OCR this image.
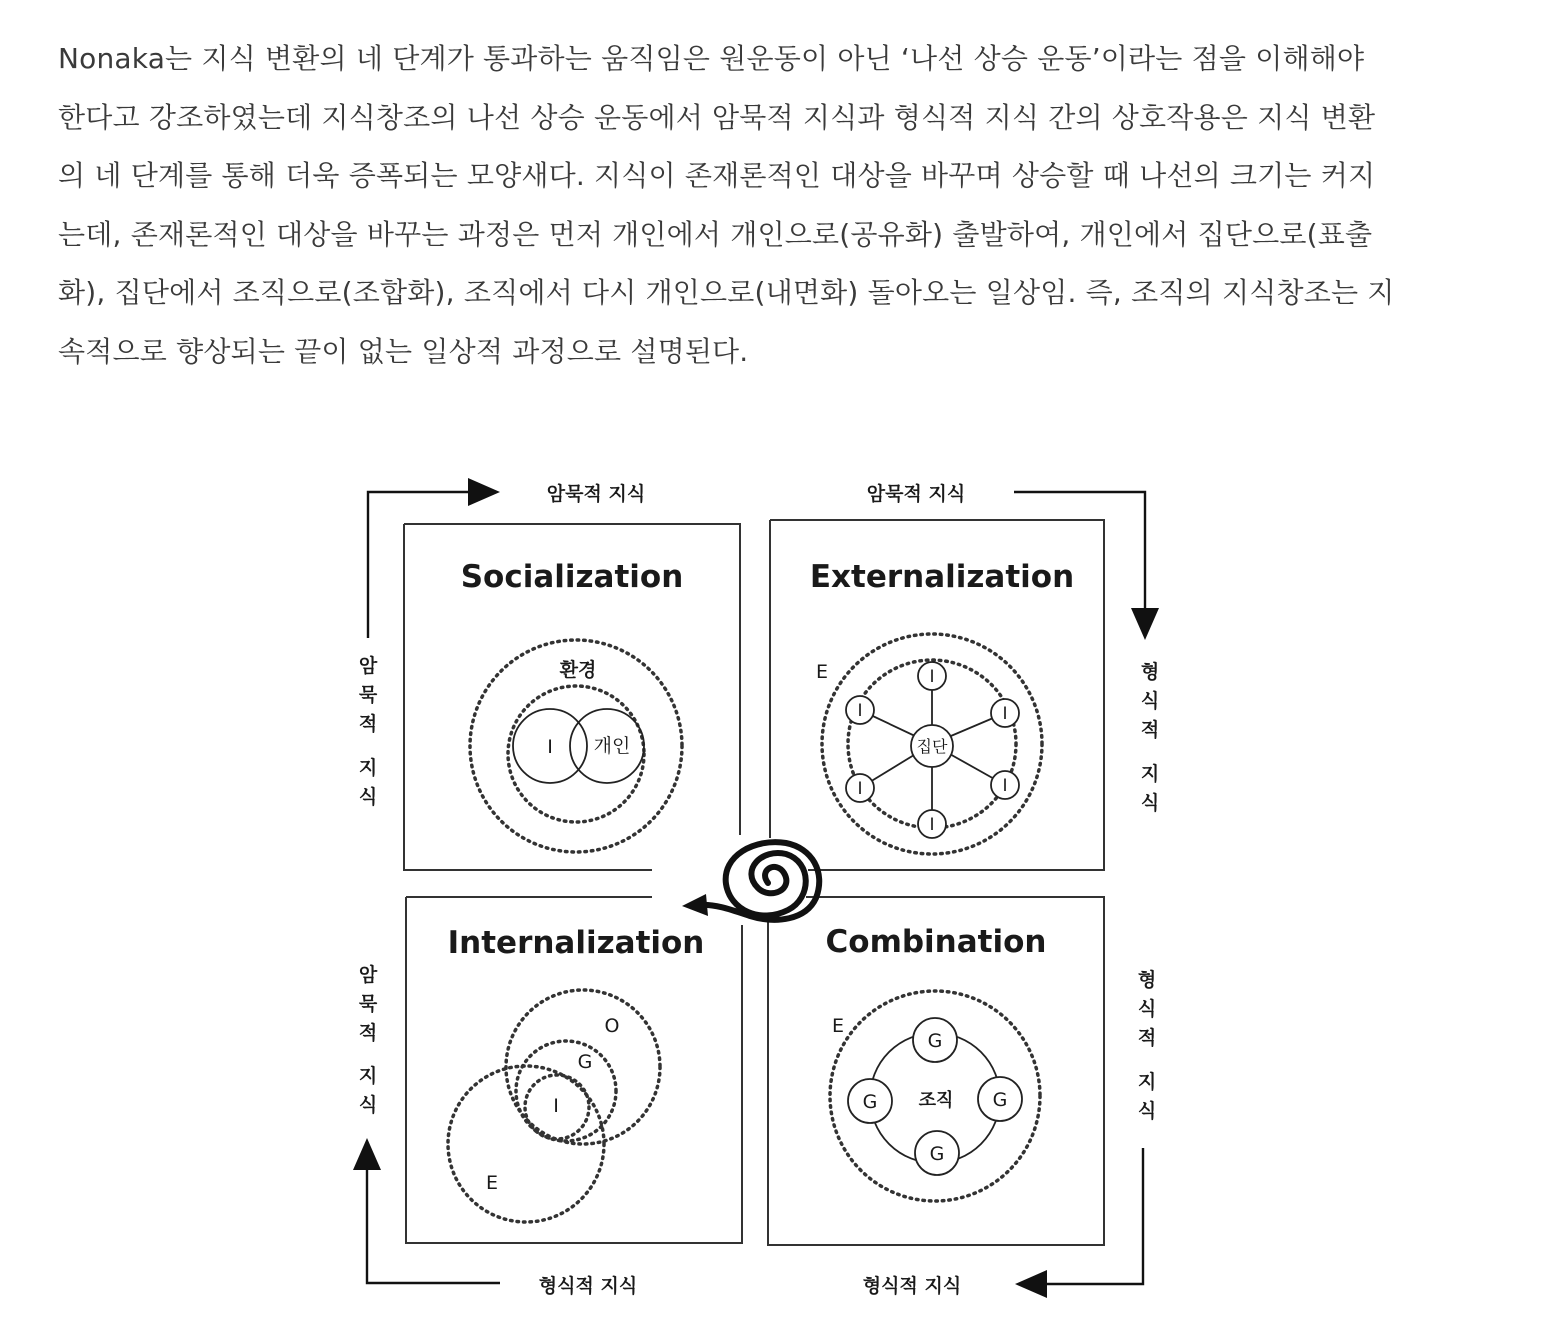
Nonaka는 지식 변환의 네 단계가 통과하는 움직임은 원운동이 아닌 ‘나선 상승 운동’이라는 점을 이해해야
한다고 강조하였는데 지식창조의 나선 상승 운동에서 암묵적 지식과 형식적 지식 간의 상호작용은 지식 변환
의 네 단계를 통해 더욱 증폭되는 모양새다. 지식이 존재론적인 대상을 바꾸며 상승할 때 나선의 크기는 커지
는데, 존재론적인 대상을 바꾸는 과정은 먼저 개인에서 개인으로(공유화) 출발하여, 개인에서 집단으로(표출
화), 집단에서 조직으로(조합화), 조직에서 다시 개인으로(내면화) 돌아오는 일상임. 즉, 조직의 지식창조는 지
속적으로 향상되는 끝이 없는 일상적 과정으로 설명된다.
암묵적 지식	암묵적 지식
형식적 지식	형식적 지식
암
묵
적
지
식
암
묵
적
지
식
형
식
적
지
식
형
식
적
지
식
Socialization
환경
I 개인
Externalization
E
집단
I
I	I
I	I
I
Internalization
O
G
I
E
Combination
E
조직
G
G	G
G
